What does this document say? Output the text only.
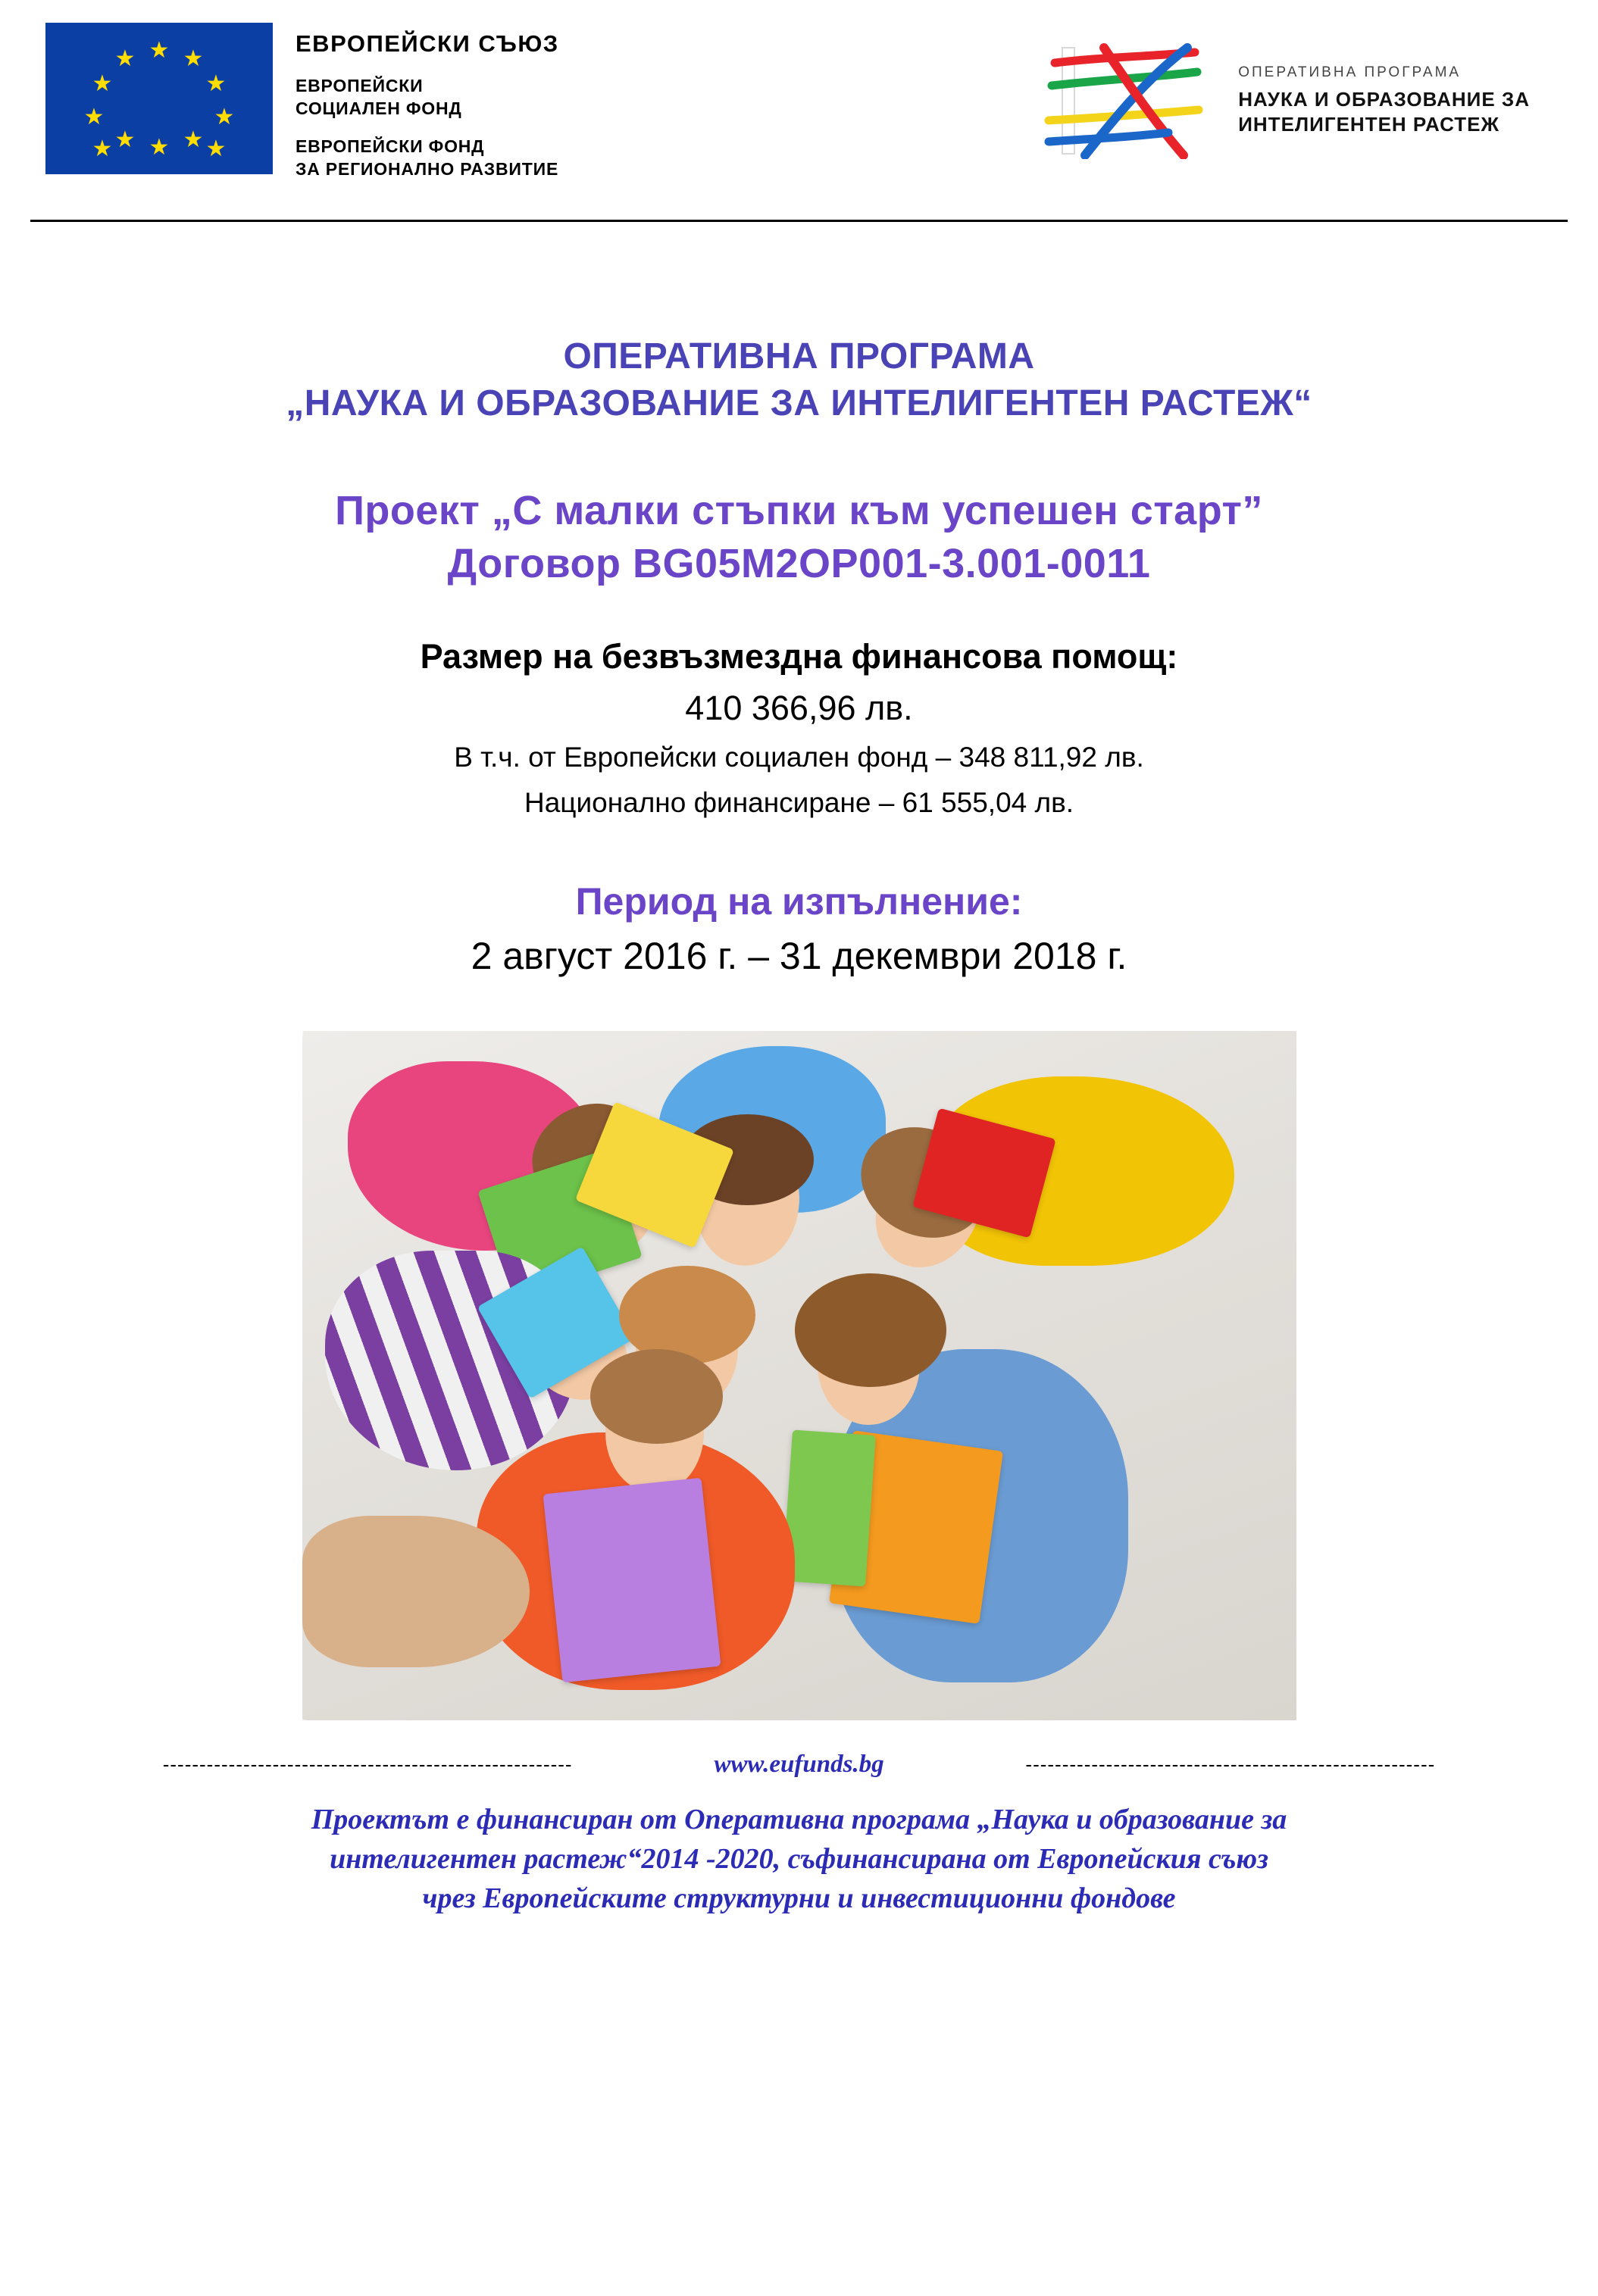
★ ★
★
★
★
★
★
★
★
★
★
★
ЕВРОПЕЙСКИ СЪЮЗ
ЕВРОПЕЙСКИ
СОЦИАЛЕН ФОНД
ЕВРОПЕЙСКИ ФОНД
ЗА РЕГИОНАЛНО РАЗВИТИЕ
ОПЕРАТИВНА ПРОГРАМА
НАУКА И ОБРАЗОВАНИЕ ЗА
ИНТЕЛИГЕНТЕН РАСТЕЖ
ОПЕРАТИВНА ПРОГРАМА
„НАУКА И ОБРАЗОВАНИЕ ЗА ИНТЕЛИГЕНТЕН РАСТЕЖ“
Проект „С малки стъпки към успешен старт”
Договор BG05M2OP001-3.001-0011
Размер на безвъзмездна финансова помощ:
410 366,96 лв.
В т.ч. от Европейски социален фонд – 348 811,92 лв.
Национално финансиране – 61 555,04 лв.
Период на изпълнение:
2 август 2016 г. – 31 декември 2018 г.
--------------------------------------------------------	www.eufunds.bg	--------------------------------------------------------
Проектът е финансиран от Оперативна програма „Наука и образование за
интелигентен растеж“2014 -2020, съфинансирана от Европейския съюз
чрез Европейските структурни и инвестиционни фондове
